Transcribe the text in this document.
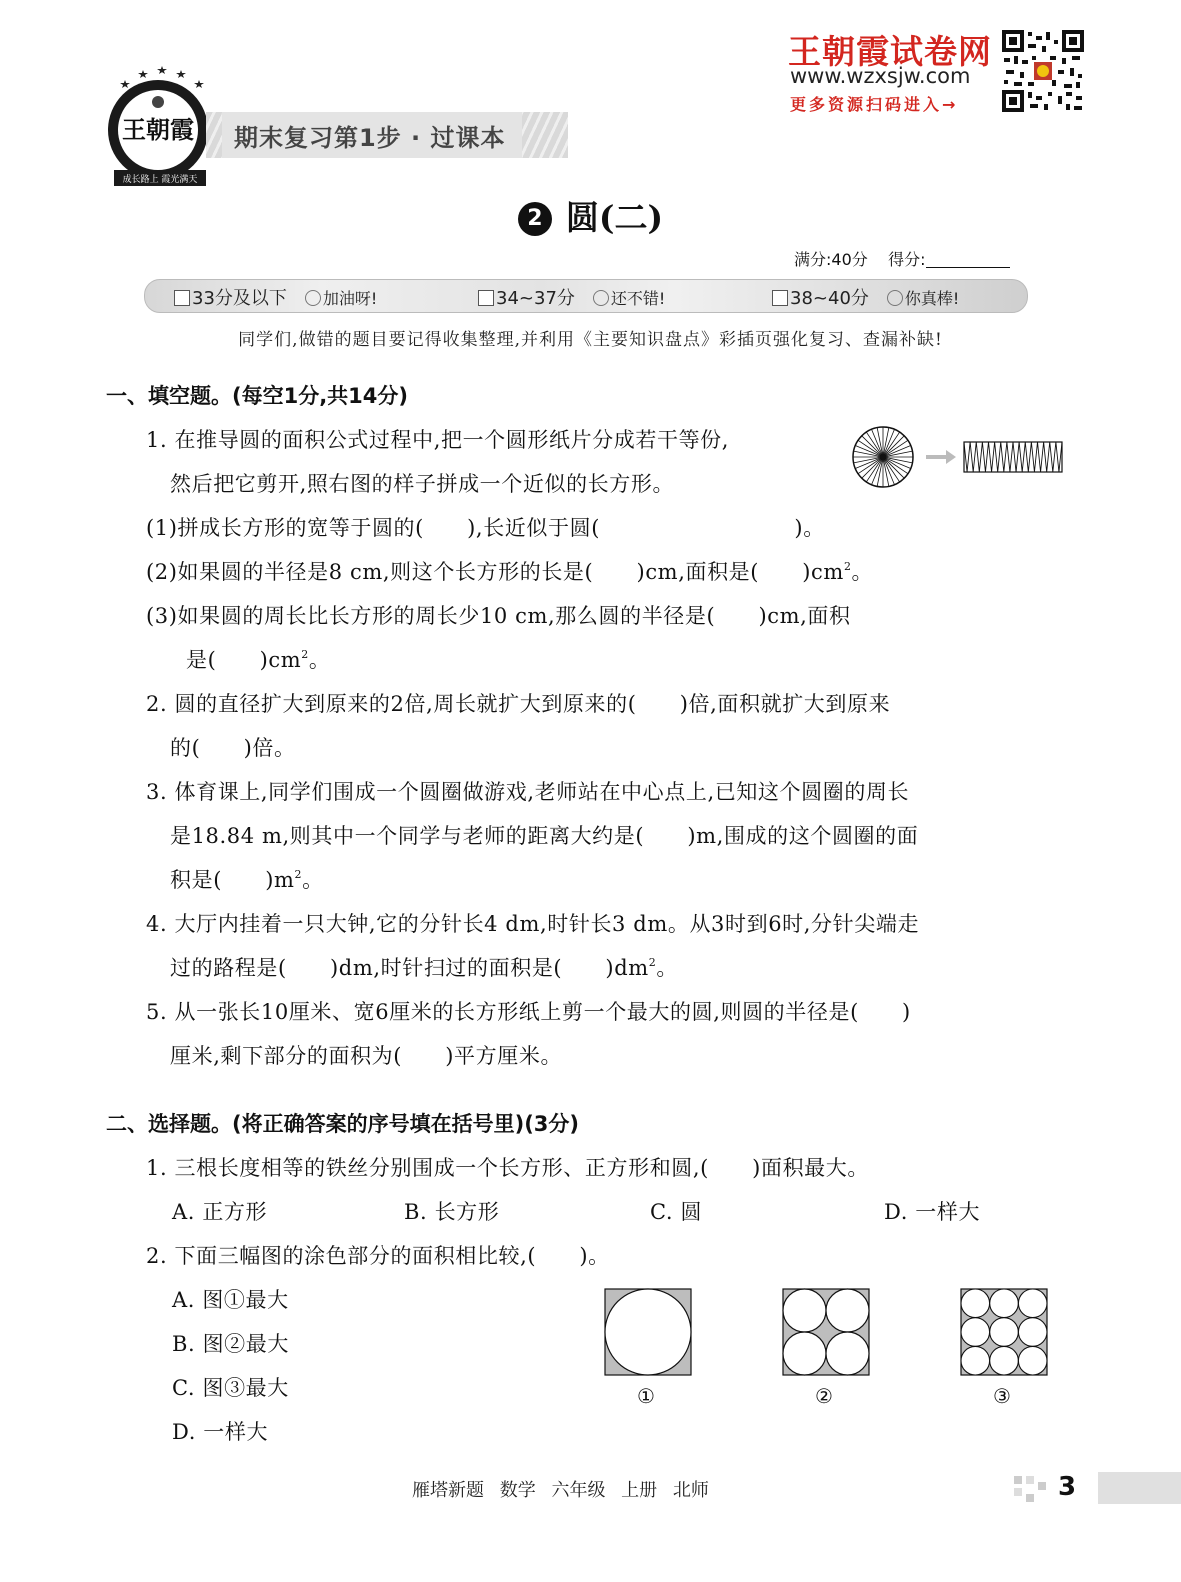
王朝霞
成长路上 霞光满天
期末复习第1步 · 过课本
王朝霞试卷网
www.wzxsjw.com
更多资源扫码进入→
2 圆(二)
满分:40分 得分:
33分及以下 加油呀!	34~37分 还不错!	38~40分 你真棒!
同学们,做错的题目要记得收集整理,并利用《主要知识盘点》彩插页强化复习、查漏补缺!
一、填空题。(每空1分,共14分)
1. 在推导圆的面积公式过程中,把一个圆形纸片分成若干等份,
然后把它剪开,照右图的样子拼成一个近似的长方形。
(1)拼成长方形的宽等于圆的(　　),长近似于圆(　　　　　　　　　)。
(2)如果圆的半径是8 cm,则这个长方形的长是(　　)cm,面积是(　　)$cm^2$。
(3)如果圆的周长比长方形的周长少10 cm,那么圆的半径是(　　)cm,面积
是(　　)$cm^2$。
2. 圆的直径扩大到原来的2倍,周长就扩大到原来的(　　)倍,面积就扩大到原来
的(　　)倍。
3. 体育课上,同学们围成一个圆圈做游戏,老师站在中心点上,已知这个圆圈的周长
是18.84 m,则其中一个同学与老师的距离大约是(　　)m,围成的这个圆圈的面
积是(　　)$m^2$。
4. 大厅内挂着一只大钟,它的分针长4 dm,时针长3 dm。从3时到6时,分针尖端走
过的路程是(　　)dm,时针扫过的面积是(　　)$dm^2$。
5. 从一张长10厘米、宽6厘米的长方形纸上剪一个最大的圆,则圆的半径是(　　)
厘米,剩下部分的面积为(　　)平方厘米。
二、选择题。(将正确答案的序号填在括号里)(3分)
1. 三根长度相等的铁丝分别围成一个长方形、正方形和圆,(　　)面积最大。
A. 正方形	B. 长方形	C. 圆	D. 一样大
2. 下面三幅图的涂色部分的面积相比较,(　　)。
A. 图①最大
B. 图②最大
C. 图③最大
D. 一样大
①	②	③
雁塔新题 数学 六年级 上册 北师	3
